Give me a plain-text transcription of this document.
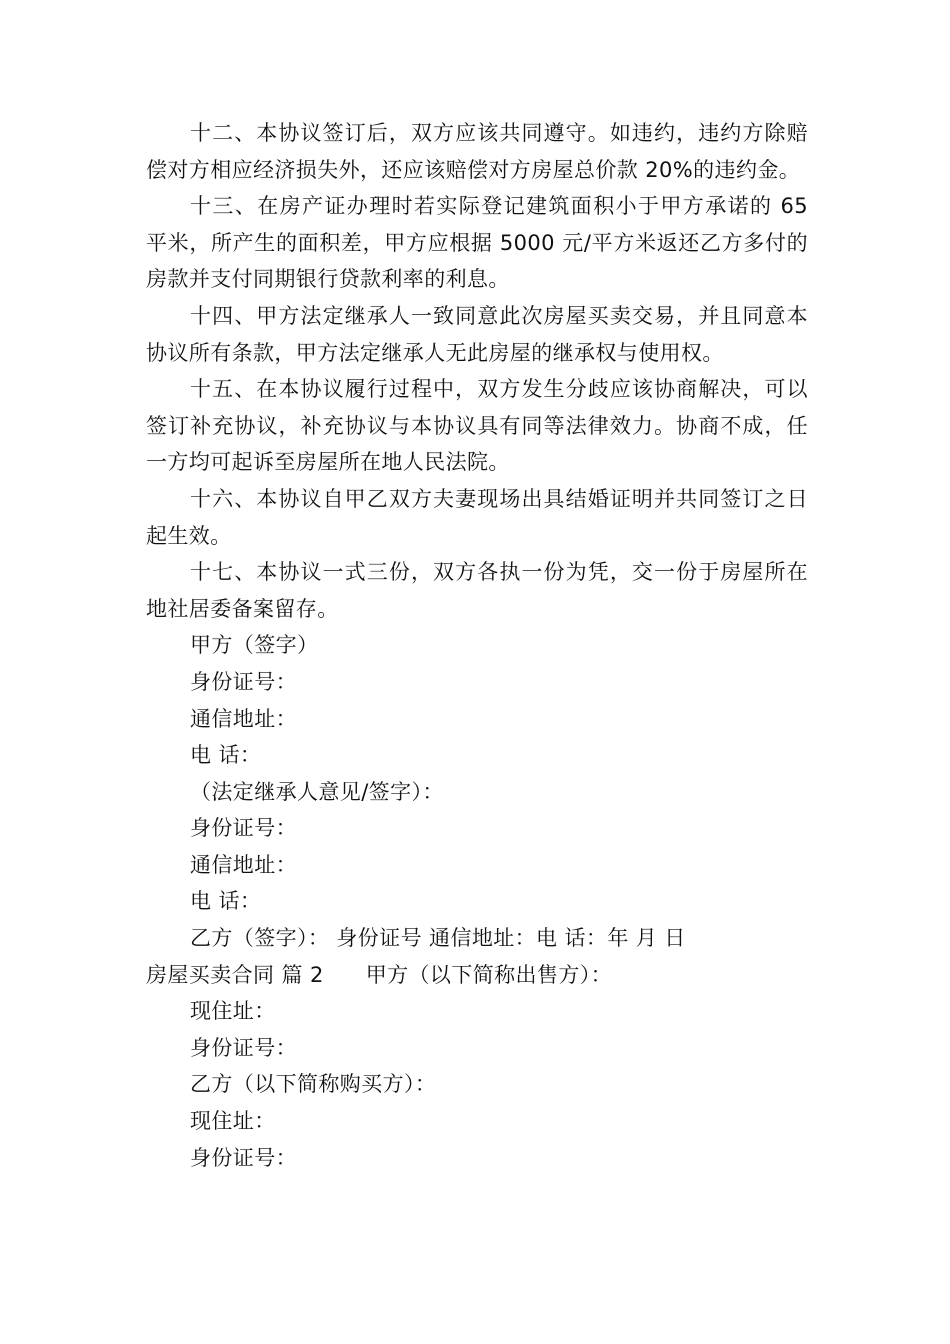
十二、本协议签订后，双方应该共同遵守。如违约，违约方除赔偿对方相应经济损失外，还应该赔偿对方房屋总价款 20%的违约金。

十三、在房产证办理时若实际登记建筑面积小于甲方承诺的 65 平米，所产生的面积差，甲方应根据 5000 元/平方米返还乙方多付的房款并支付同期银行贷款利率的利息。

十四、甲方法定继承人一致同意此次房屋买卖交易，并且同意本协议所有条款，甲方法定继承人无此房屋的继承权与使用权。

十五、在本协议履行过程中，双方发生分歧应该协商解决，可以签订补充协议，补充协议与本协议具有同等法律效力。协商不成，任一方均可起诉至房屋所在地人民法院。

十六、本协议自甲乙双方夫妻现场出具结婚证明并共同签订之日起生效。

十七、本协议一式三份，双方各执一份为凭，交一份于房屋所在地社居委备案留存。

甲方（签字）

身份证号：

通信地址：

电 话：

（法定继承人意见/签字）：

身份证号：

通信地址：

电 话：

乙方（签字）： 身份证号 通信地址：电 话：年 月 日

房屋买卖合同 篇 2 甲方（以下简称出售方）：

现住址：

身份证号：

乙方（以下简称购买方）：

现住址：

身份证号：
